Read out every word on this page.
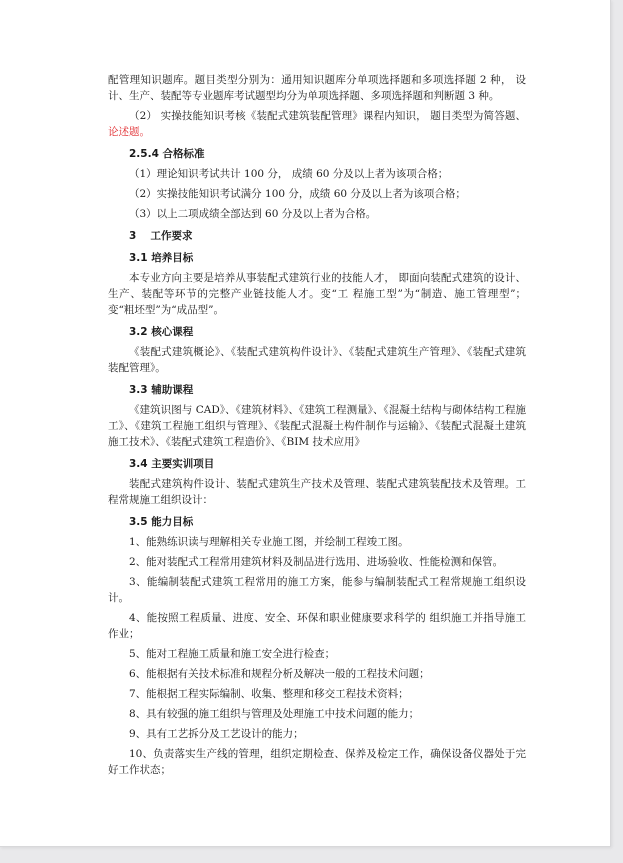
配管理知识题库。题目类型分别为：通用知识题库分单项选择题和多项选择题 2 种， 设计、生产、装配等专业题库考试题型均分为单项选择题、多项选择题和判断题 3 种。

（2） 实操技能知识考核《装配式建筑装配管理》课程内知识， 题目类型为简答题、论述题。

2.5.4 合格标准

（1）理论知识考试共计 100 分， 成绩 60 分及以上者为该项合格；

（2）实操技能知识考试满分 100 分，成绩 60 分及以上者为该项合格；

（3）以上二项成绩全部达到 60 分及以上者为合格。

3　 工作要求

3.1 培养目标

本专业方向主要是培养从事装配式建筑行业的技能人才， 即面向装配式建筑的设计、生产、装配等环节的完整产业链技能人才。变“工 程施工型”为“制造、施工管理型”；变“粗坯型”为“成品型”。

3.2 核心课程

《装配式建筑概论》、《装配式建筑构件设计》、《装配式建筑生产管理》、《装配式建筑装配管理》。

3.3 辅助课程

《建筑识图与 CAD》、《建筑材料》、《建筑工程测量》、《混凝土结构与砌体结构工程施工》、《建筑工程施工组织与管理》、《装配式混凝土构件制作与运输》、《装配式混凝土建筑施工技术》、《装配式建筑工程造价》、《BIM 技术应用》

3.4 主要实训项目

装配式建筑构件设计、装配式建筑生产技术及管理、装配式建筑装配技术及管理。工程常规施工组织设计：

3.5 能力目标

1、能熟练识读与理解相关专业施工图，并绘制工程竣工图。

2、能对装配式工程常用建筑材料及制品进行选用、进场验收、性能检测和保管。

3、能编制装配式建筑工程常用的施工方案，能参与编制装配式工程常规施工组织设计。

4、能按照工程质量、进度、安全、环保和职业健康要求科学的 组织施工并指导施工作业；

5、能对工程施工质量和施工安全进行检查；

6、能根据有关技术标准和规程分析及解决一般的工程技术问题；

7、能根据工程实际编制、收集、整理和移交工程技术资料；

8、具有较强的施工组织与管理及处理施工中技术问题的能力；

9、具有工艺拆分及工艺设计的能力；

10、负责落实生产线的管理，组织定期检查、保养及检定工作，确保设备仪器处于完好工作状态；
